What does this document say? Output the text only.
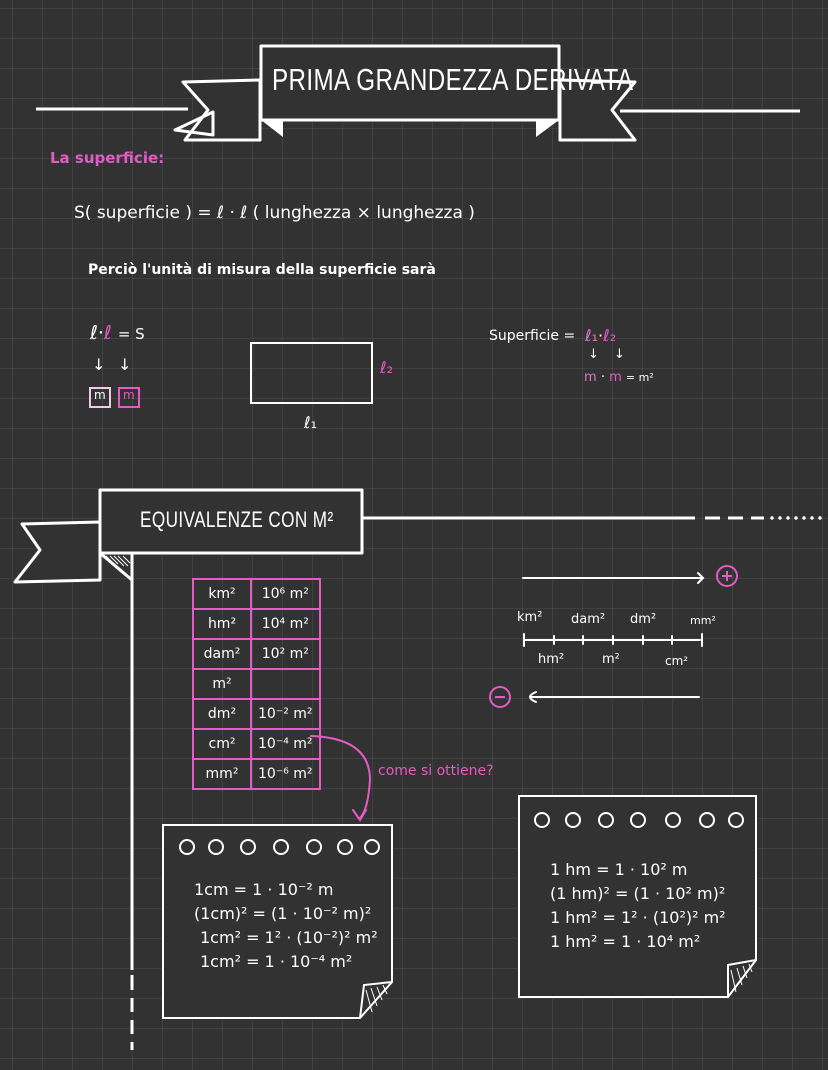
PRIMA GRANDEZZA DERIVATA
La superficie:
S( superficie ) = ℓ · ℓ ( lunghezza × lunghezza )
Perciò l'unità di misura della superficie sarà
ℓ·ℓ = S
↓ ↓
m m
ℓ₂
ℓ₁
Superficie = ℓ₁·ℓ₂
↓ ↓
m · m = m²
EQUIVALENZE CON M²
km²	10⁶ m²
hm²	10⁴ m²
dam²	10² m²
m²	
dm²	10⁻² m²
cm²	10⁻⁴ m²
mm²	10⁻⁶ m²
km² dam² dm²	mm²
hm²	m²	cm²
come si ottiene?
1cm = 1 · 10⁻² m
(1cm)² = (1 · 10⁻² m)²
1cm² = 1² · (10⁻²)² m²
1cm² = 1 · 10⁻⁴ m²
1 hm = 1 · 10² m
(1 hm)² = (1 · 10² m)²
1 hm² = 1² · (10²)² m²
1 hm² = 1 · 10⁴ m²
